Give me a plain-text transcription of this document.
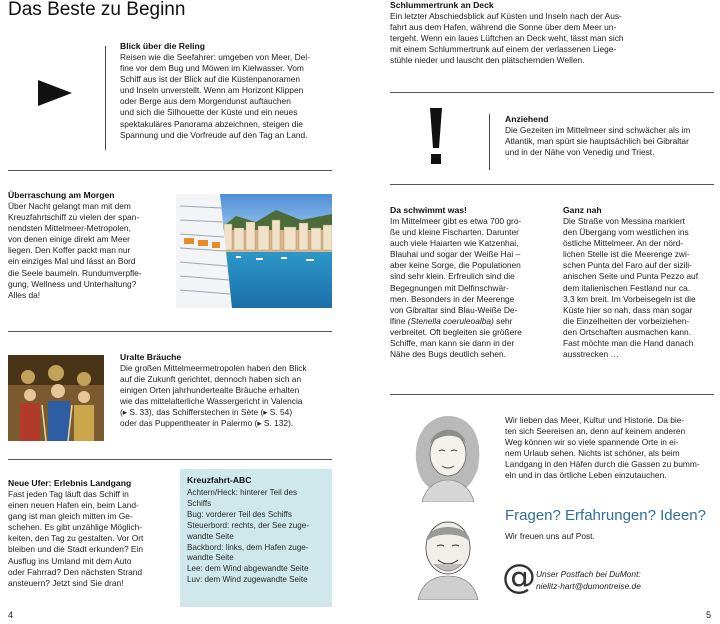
Das Beste zu Beginn
Blick über die Reling
Reisen wie die Seefahrer: umgeben von Meer, Del-
fine vor dem Bug und Möwen im Kielwasser. Vom
Schiff aus ist der Blick auf die Küstenpanoramen
und Inseln unverstellt. Wenn am Horizont Klippen
oder Berge aus dem Morgendunst auftauchen
und sich die Silhouette der Küste und ein neues
spektakuläres Panorama abzeichnen, steigen die
Spannung und die Vorfreude auf den Tag an Land.
Überraschung am Morgen
Über Nacht gelangt man mit dem
Kreuzfahrtschiff zu vielen der span-
nendsten Mittelmeer-Metropolen,
von denen einige direkt am Meer
liegen. Den Koffer packt man nur
ein einziges Mal und lässt an Bord
die Seele baumeln. Rundumverpfle-
gung, Wellness und Unterhaltung?
Alles da!
Uralte Bräuche
Die großen Mittelmeermetropolen haben den Blick
auf die Zukunft gerichtet, dennoch haben sich an
einigen Orten jahrhundertealte Bräuche erhalten
wie das mittelalterliche Wassergericht in Valencia
(▸ S. 33), das Schifferstechen in Sète (▸ S. 54)
oder das Puppentheater in Palermo (▸ S. 132).
Neue Ufer: Erlebnis Landgang
Fast jeden Tag läuft das Schiff in
einen neuen Hafen ein, beim Land-
gang ist man gleich mitten im Ge-
schehen. Es gibt unzählige Möglich-
keiten, den Tag zu gestalten. Vor Ort
bleiben und die Stadt erkunden? Ein
Ausflug ins Umland mit dem Auto
oder Fahrrad? Den nächsten Strand
ansteuern? Jetzt sind Sie dran!
Kreuzfahrt-ABC
Achtern/Heck: hinterer Teil des
Schiffs
Bug: vorderer Teil des Schiffs
Steuerbord: rechts, der See zuge-
wandte Seite
Backbord: links, dem Hafen zuge-
wandte Seite
Lee: dem Wind abgewandte Seite
Luv: dem Wind zugewandte Seite
4
Schlummertrunk an Deck
Ein letzter Abschiedsblick auf Küsten und Inseln nach der Aus-
fahrt aus dem Hafen, während die Sonne über dem Meer un-
tergeht. Wenn ein laues Lüftchen an Deck weht, lässt man sich
mit einem Schlummertrunk auf einem der verlassenen Liege-
stühle nieder und lauscht den plätschernden Wellen.
Anziehend
Die Gezeiten im Mittelmeer sind schwächer als im
Atlantik, man spürt sie hauptsächlich bei Gibraltar
und in der Nähe von Venedig und Triest.
Da schwimmt was!
Im Mittelmeer gibt es etwa 700 gro-
ße und kleine Fischarten. Darunter
auch viele Haiarten wie Katzenhai,
Blauhai und sogar der Weiße Hai –
aber keine Sorge, die Populationen
sind sehr klein. Erfreulich sind die
Begegnungen mit Delfinschwär-
men. Besonders in der Meerenge
von Gibraltar sind Blau-Weiße De-
lfine (Stenella coeruleoalba) sehr
verbreitet. Oft begleiten sie größere
Schiffe, man kann sie dann in der
Nähe des Bugs deutlich sehen.
Ganz nah
Die Straße von Messina markiert
den Übergang vom westlichen ins
östliche Mittelmeer. An der nörd-
lichen Stelle ist die Meerenge zwi-
schen Punta del Faro auf der sizili-
anischen Seite und Punta Pezzo auf
dem italienischen Festland nur ca.
3,3 km breit. Im Vorbeisegeln ist die
Küste hier so nah, dass man sogar
die Einzelheiten der vorbeiziehen-
den Ortschaften ausmachen kann.
Fast möchte man die Hand danach
ausstrecken …
Wir lieben das Meer, Kultur und Historie. Da bie-
ten sich Seereisen an, denn auf keinem anderen
Weg können wir so viele spannende Orte in ei-
nem Urlaub sehen. Nichts ist schöner, als beim
Landgang in den Häfen durch die Gassen zu bumm-
eln und in das örtliche Leben einzutauchen.
Fragen? Erfahrungen? Ideen?
Wir freuen uns auf Post.
@ Unser Postfach bei DuMont:
nielitz-hart@dumontreise.de
5
